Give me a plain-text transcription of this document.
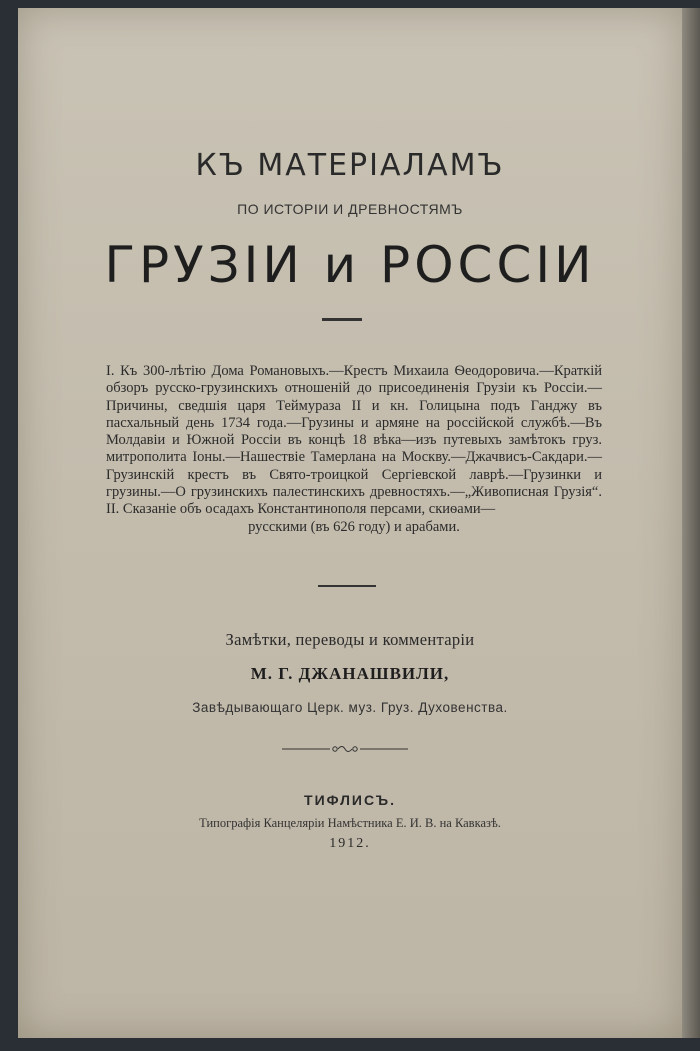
КЪ МАТЕРІАЛАМЪ
ПО ИСТОРІИ И ДРЕВНОСТЯМЪ
ГРУЗІИ и РОССІИ
I. Къ 300-лѣтію Дома Романовыхъ.—Крестъ Михаила Ѳеодоровича.—Краткій обзоръ русско-грузинскихъ отношеній до присоединенія Грузіи къ Россіи.—Причины, сведшія царя Теймураза II и кн. Голицына подъ Ганджу въ пасхальный день 1734 года.—Грузины и армяне на россійской службѣ.—Въ Молдавіи и Южной Россіи въ концѣ 18 вѣка—изъ путевыхъ замѣтокъ груз. митрополита Іоны.—Нашествіе Тамерлана на Москву.—Джачвисъ-Сакдари.—Грузинскій крестъ въ Свято-троицкой Сергіевской лаврѣ.—Грузинки и грузины.—О грузинскихъ палестинскихъ древностяхъ.—„Живописная Грузія“. II. Сказаніе объ осадахъ Константинополя персами, скиѳами—
русскими (въ 626 году) и арабами.
Замѣтки, переводы и комментаріи
М. Г. ДЖАНАШВИЛИ,
Завѣдывающаго Церк. муз. Груз. Духовенства.
ТИФЛИСЪ.
Типографія Канцеляріи Намѣстника Е. И. В. на Кавказѣ.
1912.
